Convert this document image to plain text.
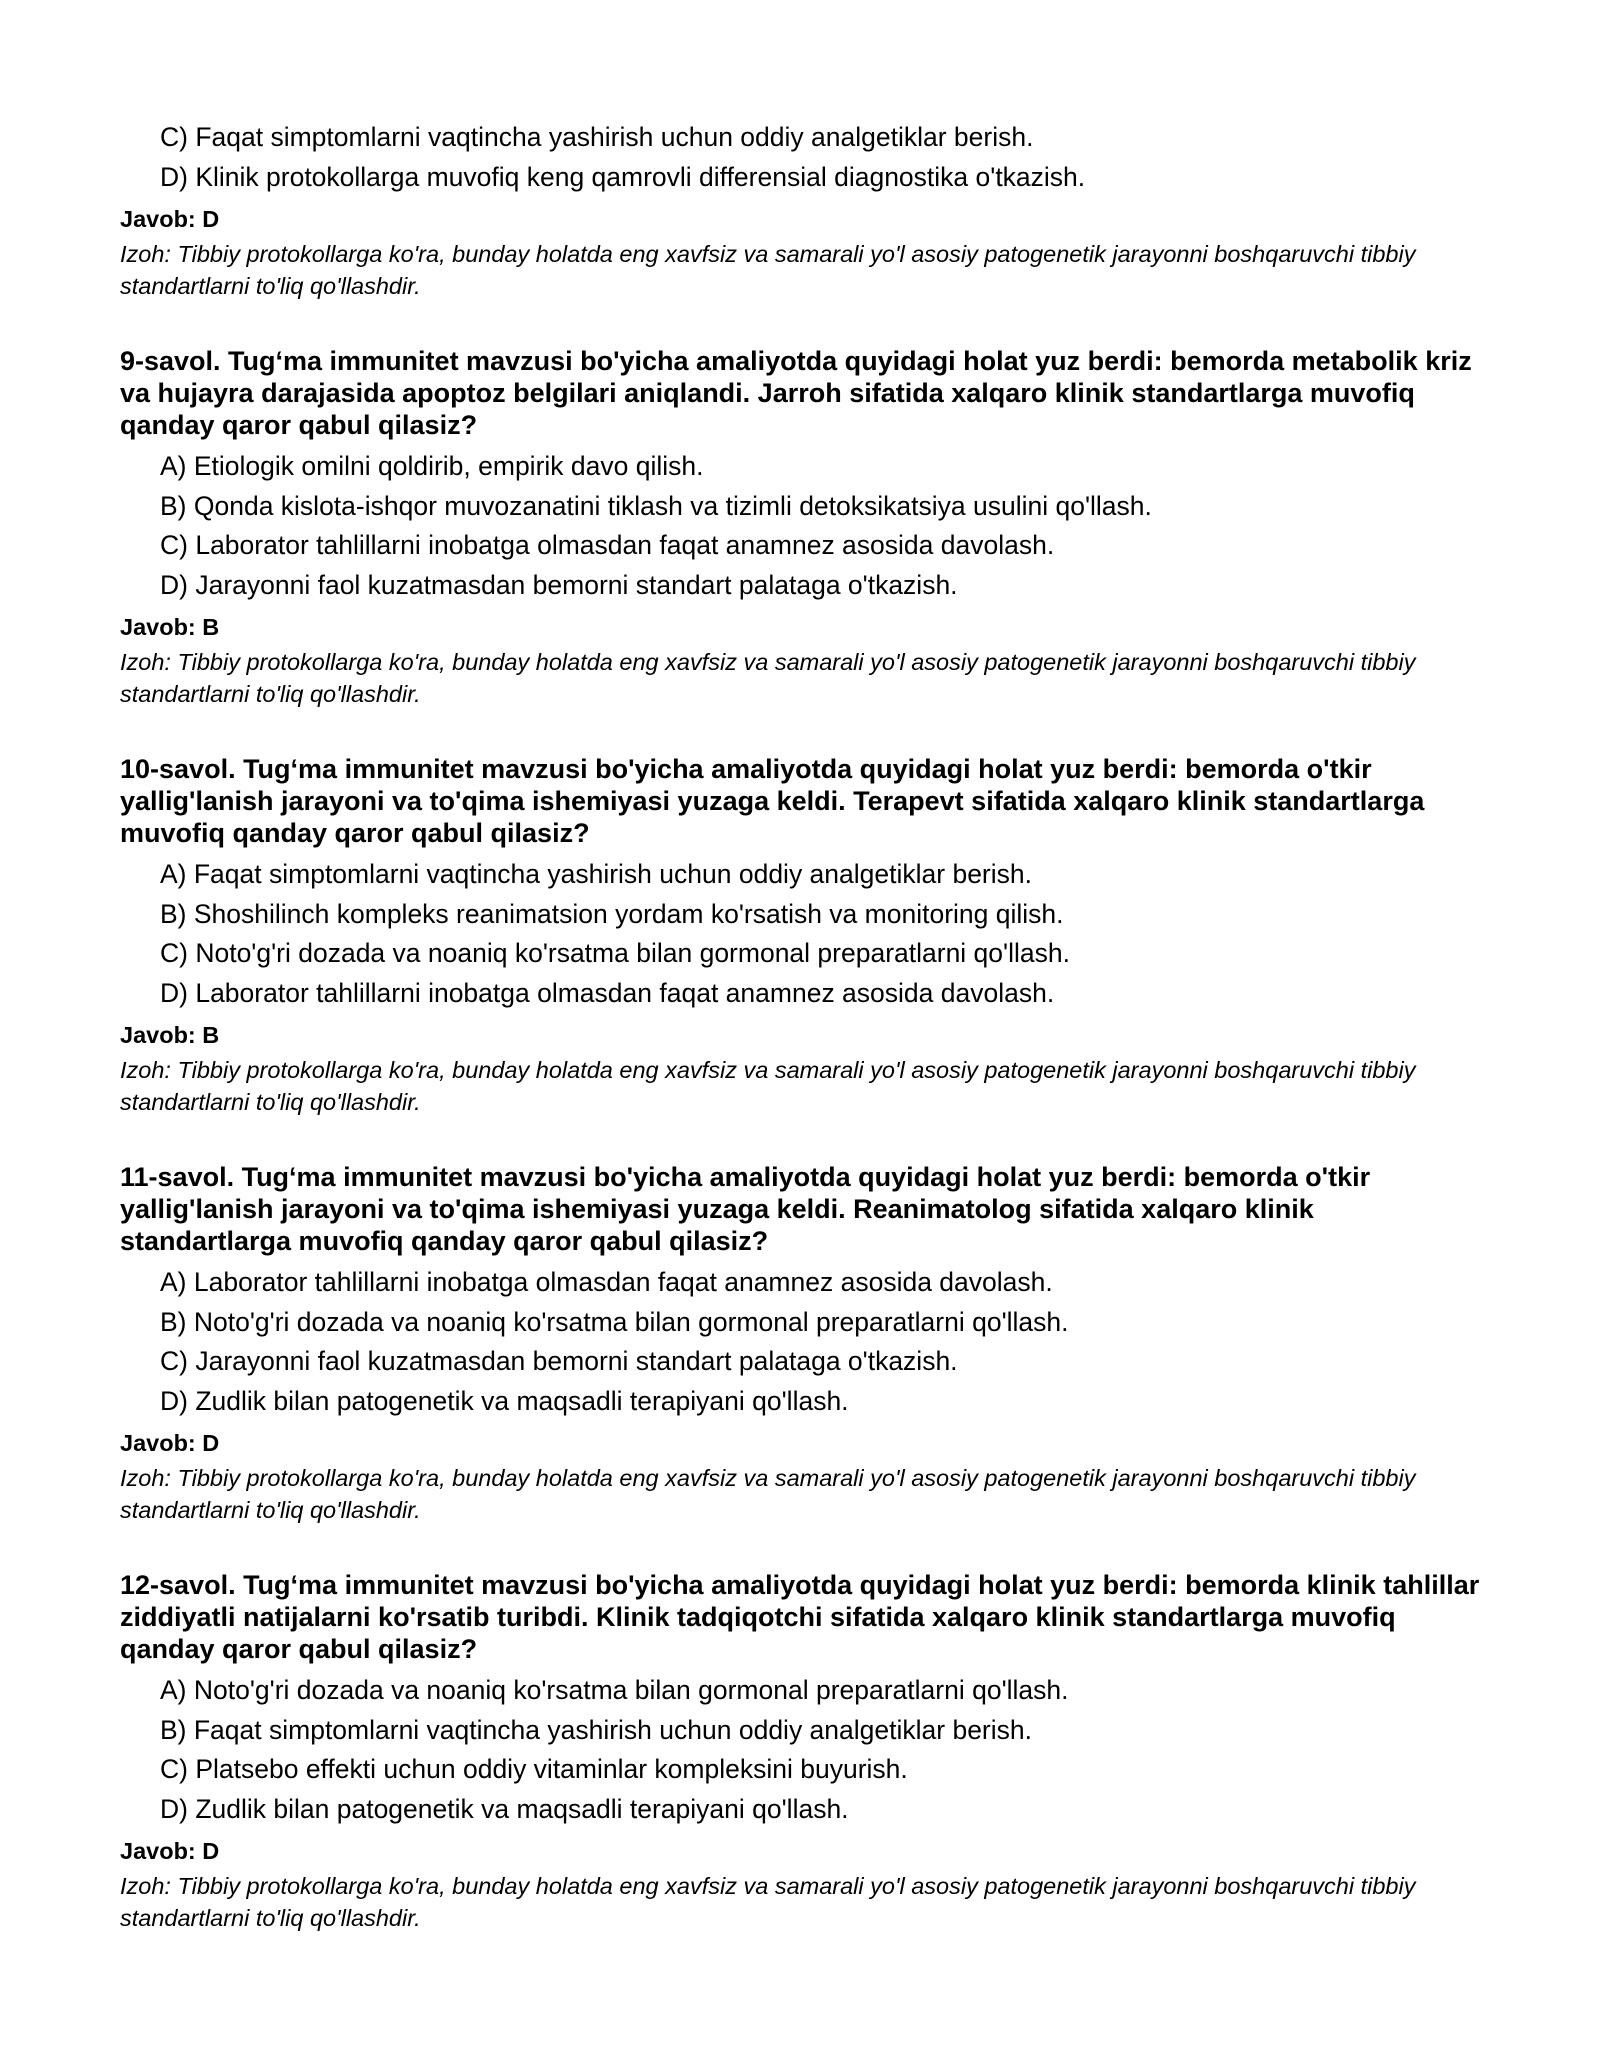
C) Faqat simptomlarni vaqtincha yashirish uchun oddiy analgetiklar berish.
D) Klinik protokollarga muvofiq keng qamrovli differensial diagnostika o'tkazish.
Javob: D
Izoh: Tibbiy protokollarga ko'ra, bunday holatda eng xavfsiz va samarali yo'l asosiy patogenetik jarayonni boshqaruvchi tibbiy standartlarni to'liq qo'llashdir.
9-savol. Tug‘ma immunitet mavzusi bo'yicha amaliyotda quyidagi holat yuz berdi: bemorda metabolik kriz va hujayra darajasida apoptoz belgilari aniqlandi. Jarroh sifatida xalqaro klinik standartlarga muvofiq qanday qaror qabul qilasiz?
A) Etiologik omilni qoldirib, empirik davo qilish.
B) Qonda kislota-ishqor muvozanatini tiklash va tizimli detoksikatsiya usulini qo'llash.
C) Laborator tahlillarni inobatga olmasdan faqat anamnez asosida davolash.
D) Jarayonni faol kuzatmasdan bemorni standart palataga o'tkazish.
Javob: B
Izoh: Tibbiy protokollarga ko'ra, bunday holatda eng xavfsiz va samarali yo'l asosiy patogenetik jarayonni boshqaruvchi tibbiy standartlarni to'liq qo'llashdir.
10-savol. Tug‘ma immunitet mavzusi bo'yicha amaliyotda quyidagi holat yuz berdi: bemorda o'tkir yallig'lanish jarayoni va to'qima ishemiyasi yuzaga keldi. Terapevt sifatida xalqaro klinik standartlarga muvofiq qanday qaror qabul qilasiz?
A) Faqat simptomlarni vaqtincha yashirish uchun oddiy analgetiklar berish.
B) Shoshilinch kompleks reanimatsion yordam ko'rsatish va monitoring qilish.
C) Noto'g'ri dozada va noaniq ko'rsatma bilan gormonal preparatlarni qo'llash.
D) Laborator tahlillarni inobatga olmasdan faqat anamnez asosida davolash.
Javob: B
Izoh: Tibbiy protokollarga ko'ra, bunday holatda eng xavfsiz va samarali yo'l asosiy patogenetik jarayonni boshqaruvchi tibbiy standartlarni to'liq qo'llashdir.
11-savol. Tug‘ma immunitet mavzusi bo'yicha amaliyotda quyidagi holat yuz berdi: bemorda o'tkir yallig'lanish jarayoni va to'qima ishemiyasi yuzaga keldi. Reanimatolog sifatida xalqaro klinik standartlarga muvofiq qanday qaror qabul qilasiz?
A) Laborator tahlillarni inobatga olmasdan faqat anamnez asosida davolash.
B) Noto'g'ri dozada va noaniq ko'rsatma bilan gormonal preparatlarni qo'llash.
C) Jarayonni faol kuzatmasdan bemorni standart palataga o'tkazish.
D) Zudlik bilan patogenetik va maqsadli terapiyani qo'llash.
Javob: D
Izoh: Tibbiy protokollarga ko'ra, bunday holatda eng xavfsiz va samarali yo'l asosiy patogenetik jarayonni boshqaruvchi tibbiy standartlarni to'liq qo'llashdir.
12-savol. Tug‘ma immunitet mavzusi bo'yicha amaliyotda quyidagi holat yuz berdi: bemorda klinik tahlillar ziddiyatli natijalarni ko'rsatib turibdi. Klinik tadqiqotchi sifatida xalqaro klinik standartlarga muvofiq qanday qaror qabul qilasiz?
A) Noto'g'ri dozada va noaniq ko'rsatma bilan gormonal preparatlarni qo'llash.
B) Faqat simptomlarni vaqtincha yashirish uchun oddiy analgetiklar berish.
C) Platsebo effekti uchun oddiy vitaminlar kompleksini buyurish.
D) Zudlik bilan patogenetik va maqsadli terapiyani qo'llash.
Javob: D
Izoh: Tibbiy protokollarga ko'ra, bunday holatda eng xavfsiz va samarali yo'l asosiy patogenetik jarayonni boshqaruvchi tibbiy standartlarni to'liq qo'llashdir.
